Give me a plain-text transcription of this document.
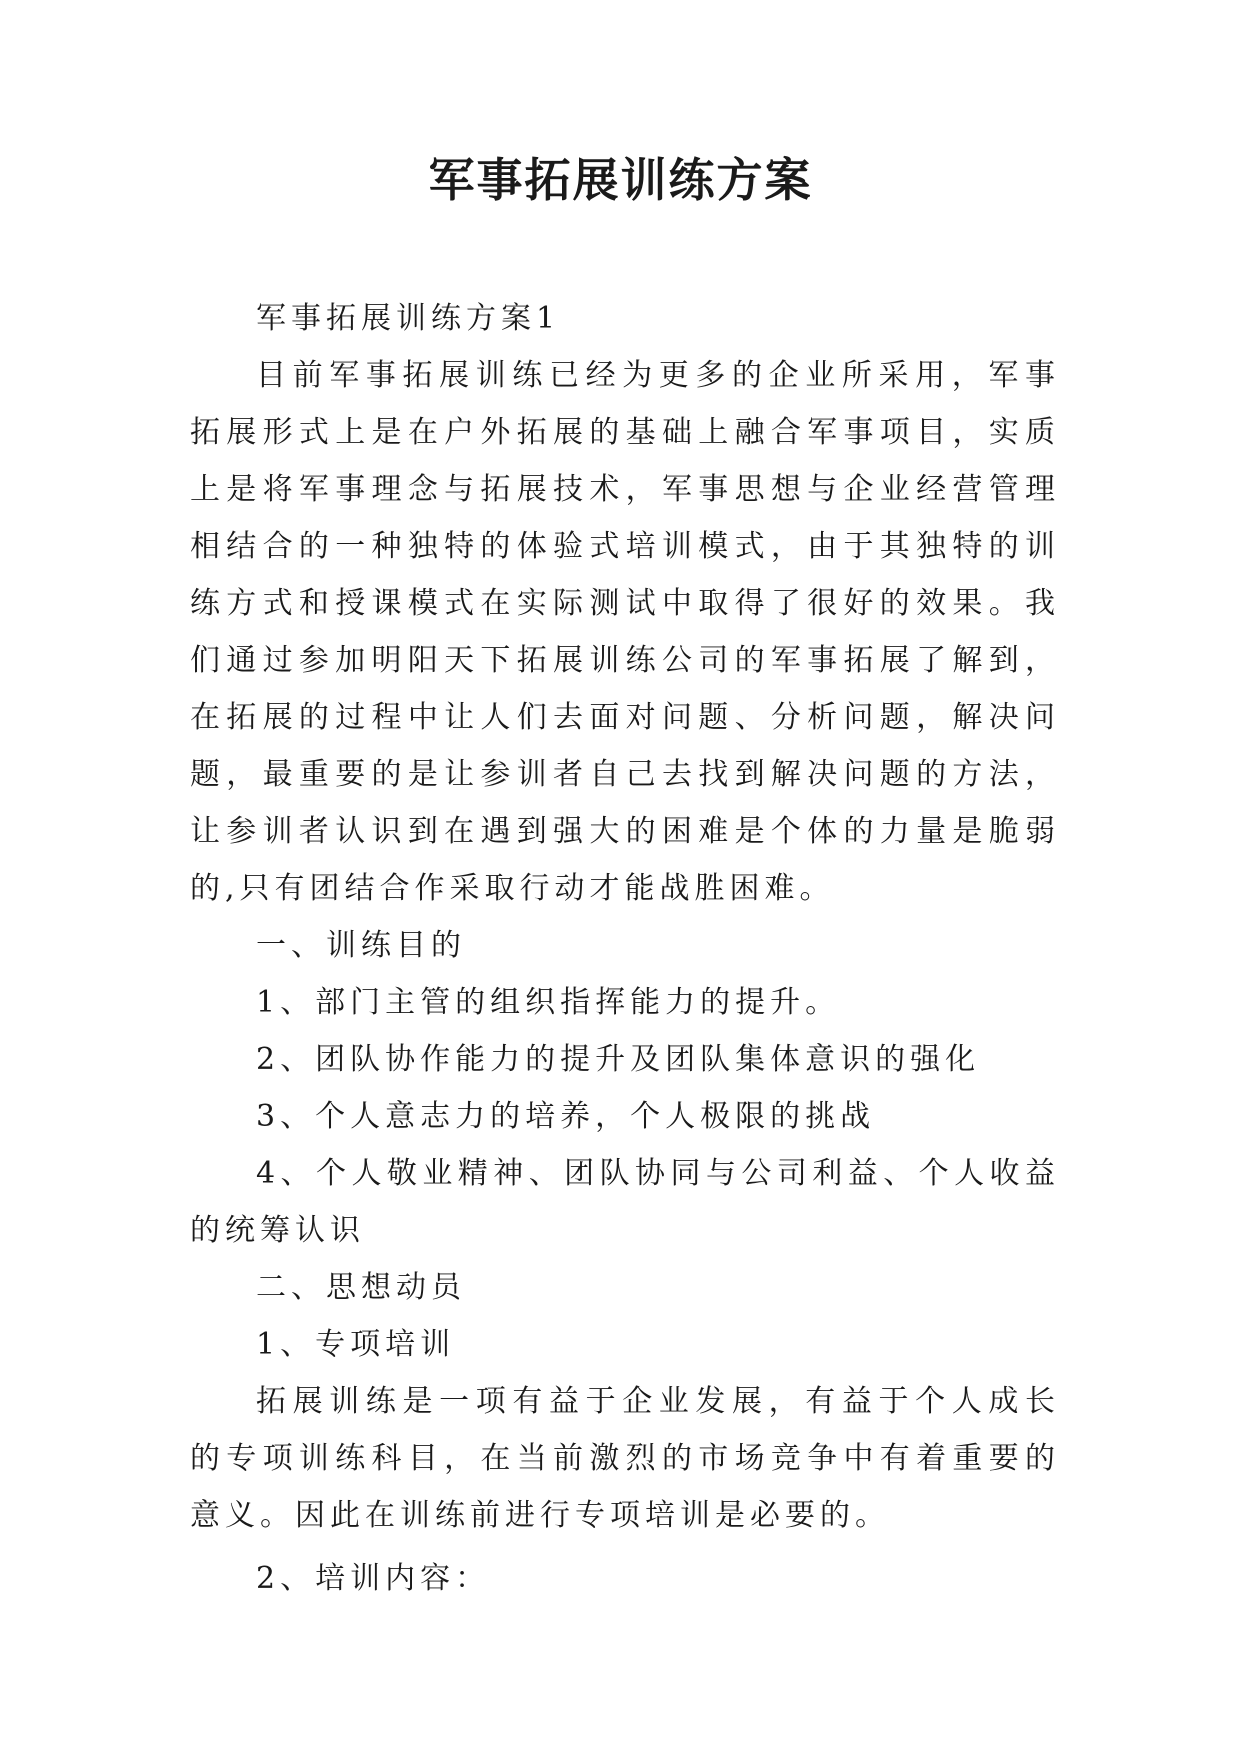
军事拓展训练方案

军事拓展训练方案1

目前军事拓展训练已经为更多的企业所采用，军事拓展形式上是在户外拓展的基础上融合军事项目，实质上是将军事理念与拓展技术，军事思想与企业经营管理相结合的一种独特的体验式培训模式，由于其独特的训练方式和授课模式在实际测试中取得了很好的效果。我们通过参加明阳天下拓展训练公司的军事拓展了解到，在拓展的过程中让人们去面对问题、分析问题，解决问题，最重要的是让参训者自己去找到解决问题的方法，让参训者认识到在遇到强大的困难是个体的力量是脆弱的,只有团结合作采取行动才能战胜困难。

一、训练目的

1、部门主管的组织指挥能力的提升。

2、团队协作能力的提升及团队集体意识的强化

3、个人意志力的培养，个人极限的挑战

4、个人敬业精神、团队协同与公司利益、个人收益的统筹认识

二、思想动员

1、专项培训

拓展训练是一项有益于企业发展，有益于个人成长的专项训练科目，在当前激烈的市场竞争中有着重要的意义。因此在训练前进行专项培训是必要的。

2、培训内容：
